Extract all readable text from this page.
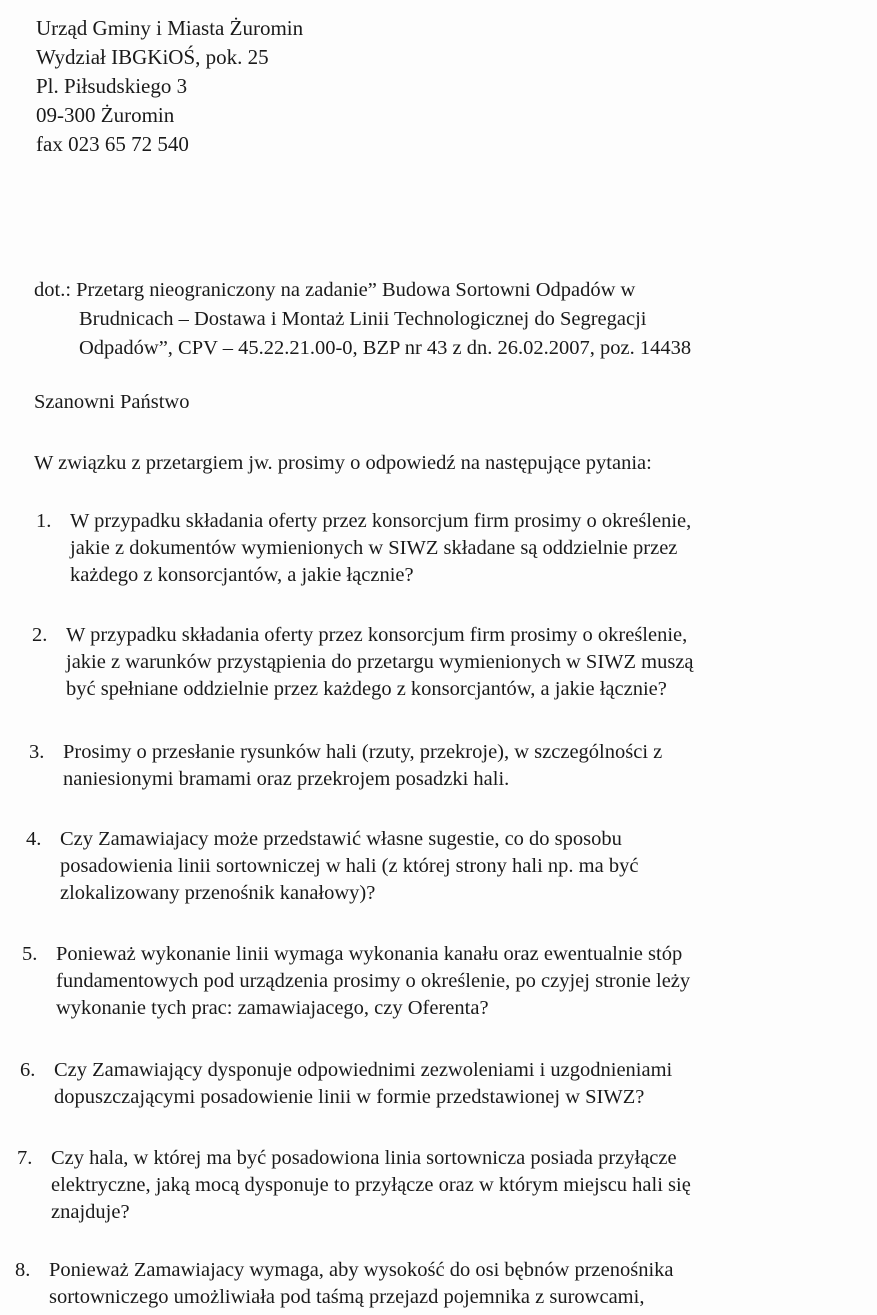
Urząd Gminy i Miasta Żuromin
Wydział IBGKiOŚ, pok. 25
Pl. Piłsudskiego 3
09-300 Żuromin
fax 023 65 72 540
dot.: Przetarg nieograniczony na zadanie” Budowa Sortowni Odpadów w
Brudnicach – Dostawa i Montaż Linii Technologicznej do Segregacji
Odpadów”, CPV – 45.22.21.00-0, BZP nr 43 z dn. 26.02.2007, poz. 14438
Szanowni Państwo
W związku z przetargiem jw. prosimy o odpowiedź na następujące pytania:
1. W przypadku składania oferty przez konsorcjum firm prosimy o określenie,
jakie z dokumentów wymienionych w SIWZ składane są oddzielnie przez
każdego z konsorcjantów, a jakie łącznie?
2. W przypadku składania oferty przez konsorcjum firm prosimy o określenie,
jakie z warunków przystąpienia do przetargu wymienionych w SIWZ muszą
być spełniane oddzielnie przez każdego z konsorcjantów, a jakie łącznie?
3. Prosimy o przesłanie rysunków hali (rzuty, przekroje), w szczególności z
naniesionymi bramami oraz przekrojem posadzki hali.
4. Czy Zamawiajacy może przedstawić własne sugestie, co do sposobu
posadowienia linii sortowniczej w hali (z której strony hali np. ma być
zlokalizowany przenośnik kanałowy)?
5. Ponieważ wykonanie linii wymaga wykonania kanału oraz ewentualnie stóp
fundamentowych pod urządzenia prosimy o określenie, po czyjej stronie leży
wykonanie tych prac: zamawiajacego, czy Oferenta?
6. Czy Zamawiający dysponuje odpowiednimi zezwoleniami i uzgodnieniami
dopuszczającymi posadowienie linii w formie przedstawionej w SIWZ?
7. Czy hala, w której ma być posadowiona linia sortownicza posiada przyłącze
elektryczne, jaką mocą dysponuje to przyłącze oraz w którym miejscu hali się
znajduje?
8. Ponieważ Zamawiajacy wymaga, aby wysokość do osi bębnów przenośnika
sortowniczego umożliwiała pod taśmą przejazd pojemnika z surowcami,
